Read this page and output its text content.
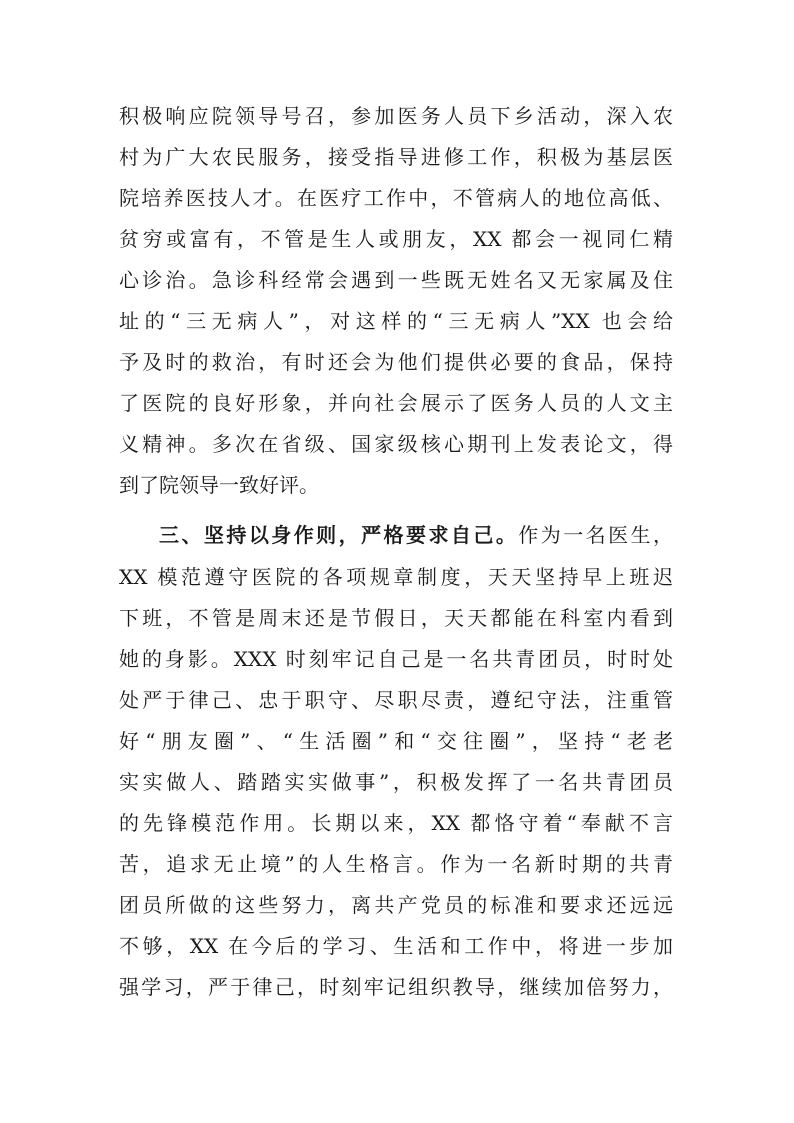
积极响应院领导号召，参加医务人员下乡活动，深入农
村为广大农民服务，接受指导进修工作，积极为基层医
院培养医技人才。在医疗工作中，不管病人的地位高低、
贫穷或富有，不管是生人或朋友，XX 都会一视同仁精
心诊治。急诊科经常会遇到一些既无姓名又无家属及住
址的“三无病人”，对这样的“三无病人”XX 也会给
予及时的救治，有时还会为他们提供必要的食品，保持
了医院的良好形象，并向社会展示了医务人员的人文主
义精神。多次在省级、国家级核心期刊上发表论文，得
到了院领导一致好评。
三、坚持以身作则，严格要求自己。作为一名医生，
XX 模范遵守医院的各项规章制度，天天坚持早上班迟
下班，不管是周末还是节假日，天天都能在科室内看到
她的身影。XXX 时刻牢记自己是一名共青团员，时时处
处严于律己、忠于职守、尽职尽责，遵纪守法，注重管
好“朋友圈”、“生活圈”和“交往圈”，坚持“老老
实实做人、踏踏实实做事”，积极发挥了一名共青团员
的先锋模范作用。长期以来，XX 都恪守着“奉献不言
苦，追求无止境”的人生格言。作为一名新时期的共青
团员所做的这些努力，离共产党员的标准和要求还远远
不够，XX 在今后的学习、生活和工作中，将进一步加
强学习，严于律己，时刻牢记组织教导，继续加倍努力，
